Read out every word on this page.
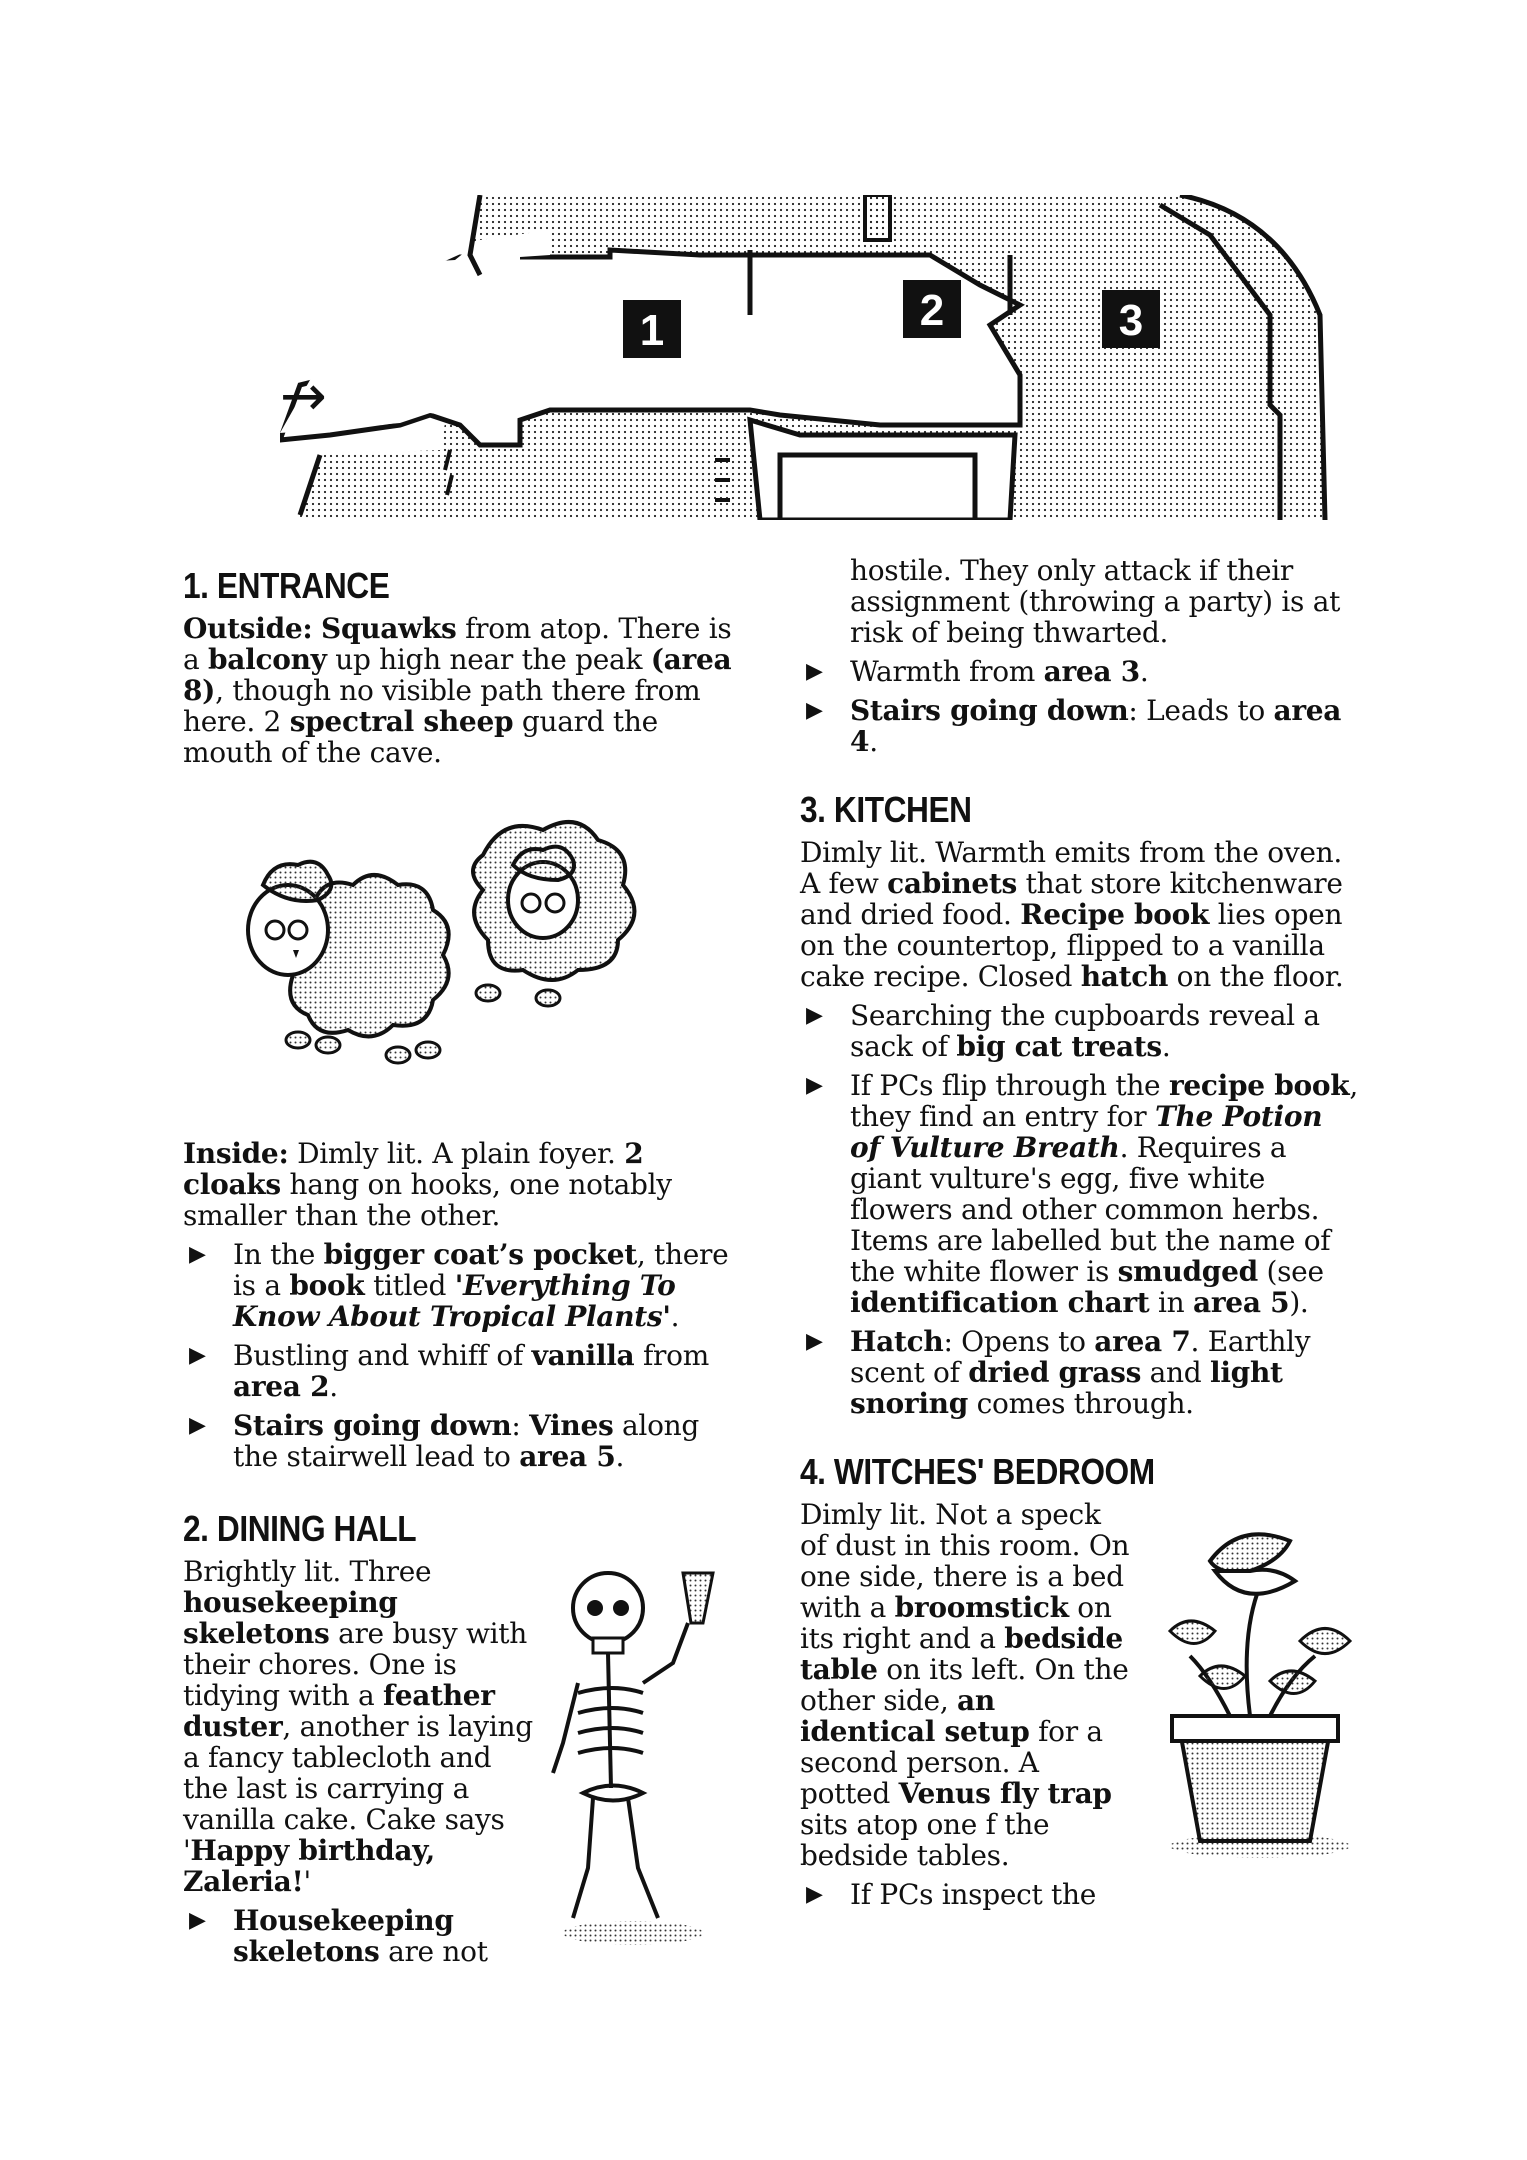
1	2	3
→
1. ENTRANCE

Outside: Squawks from atop. There is a balcony up high near the peak (area 8), though no visible path there from here. 2 spectral sheep guard the mouth of the cave.

Inside: Dimly lit. A plain foyer. 2 cloaks hang on hooks, one notably smaller than the other.

▶ In the bigger coat’s pocket, there is a book titled 'Everything To Know About Tropical Plants'.
▶ Bustling and whiff of vanilla from area 2.
▶ Stairs going down: Vines along the stairwell lead to area 5.
2. DINING HALL

Brightly lit. Three housekeeping skeletons are busy with their chores. One is tidying with a feather duster, another is laying a fancy tablecloth and the last is carrying a vanilla cake. Cake says 'Happy birthday, Zaleria!'

▶ Housekeeping skeletons are not

hostile. They only attack if their assignment (throwing a party) is at risk of being thwarted.

▶ Warmth from area 3.
▶ Stairs going down: Leads to area 4.
3. KITCHEN

Dimly lit. Warmth emits from the oven. A few cabinets that store kitchenware and dried food. Recipe book lies open on the countertop, flipped to a vanilla cake recipe. Closed hatch on the floor.

▶ Searching the cupboards reveal a sack of big cat treats.
▶ If PCs flip through the recipe book, they find an entry for The Potion of Vulture Breath. Requires a giant vulture's egg, five white flowers and other common herbs. Items are labelled but the name of the white flower is smudged (see identification chart in area 5).
▶ Hatch: Opens to area 7. Earthly scent of dried grass and light snoring comes through.
4. WITCHES' BEDROOM

Dimly lit. Not a speck of dust in this room. On one side, there is a bed with a broomstick on its right and a bedside table on its left. On the other side, an identical setup for a second person. A potted Venus fly trap sits atop one f the bedside tables.

▶ If PCs inspect the
